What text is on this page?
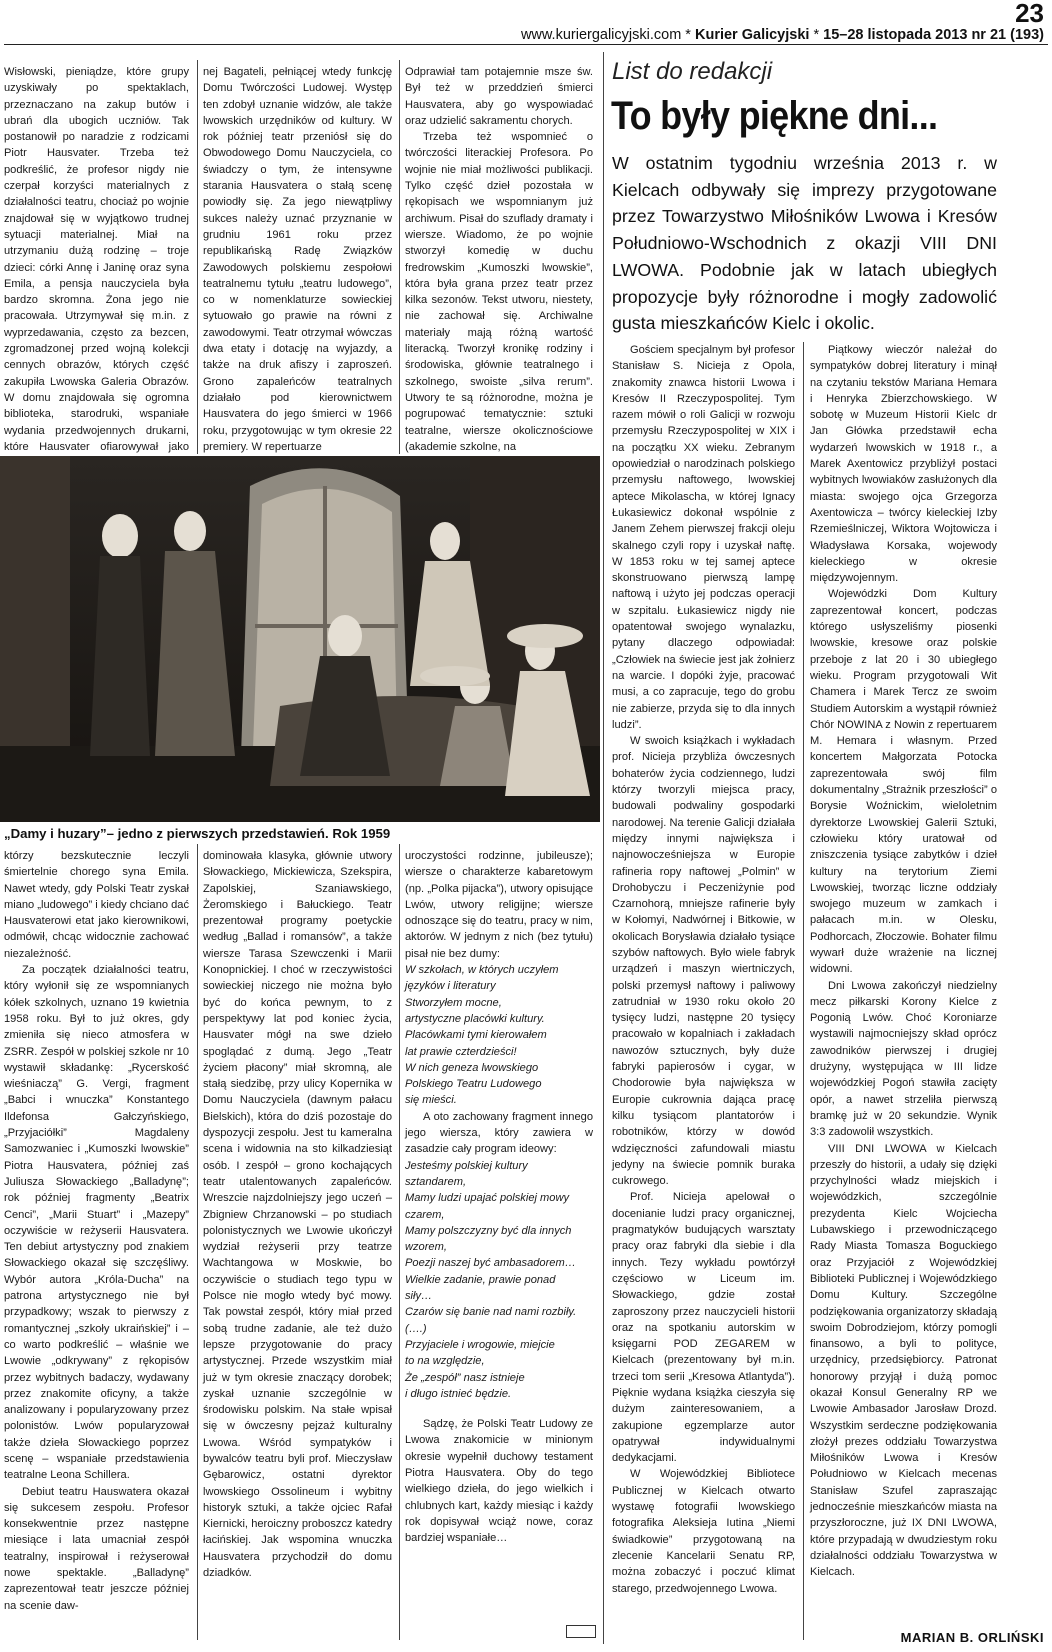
23
www.kuriergalicyjski.com * Kurier Galicyjski * 15–28 listopada 2013 nr 21 (193)

Wisłowski, pieniądze, które grupy uzyskiwały po spektaklach, przeznaczano na zakup butów i ubrań dla ubogich uczniów. Tak postanowił po naradzie z rodzicami Piotr Hausvater. Trzeba też podkreślić, że profesor nigdy nie czerpał korzyści materialnych z działalności teatru, chociaż po wojnie znajdował się w wyjątkowo trudnej sytuacji materialnej. Miał na utrzymaniu dużą rodzinę – troje dzieci: córki Annę i Janinę oraz syna Emila, a pensja nauczyciela była bardzo skromna. Żona jego nie pracowała. Utrzymywał się m.in. z wyprzedawania, często za bezcen, zgromadzonej przed wojną kolekcji cennych obrazów, których część zakupiła Lwowska Galeria Obrazów. W domu znajdowała się ogromna biblioteka, starodruki, wspaniałe wydania przedwojennych drukarni, które Hausvater ofiarowywał jako

nej Bagateli, pełniącej wtedy funkcję Domu Twórczości Ludowej. Występ ten zdobył uznanie widzów, ale także lwowskich urzędników od kultury. W rok później teatr przeniósł się do Obwodowego Domu Nauczyciela, co świadczy o tym, że intensywne starania Hausvatera o stałą scenę powiodły się. Za jego niewątpliwy sukces należy uznać przyznanie w grudniu 1961 roku przez republikańską Radę Związków Zawodowych polskiemu zespołowi teatralnemu tytułu „teatru ludowego”, co w nomenklaturze sowieckiej sytuowało go prawie na równi z zawodowymi. Teatr otrzymał wówczas dwa etaty i dotację na wyjazdy, a także na druk afiszy i zaproszeń. Grono zapaleńców teatralnych działało pod kierownictwem Hausvatera do jego śmierci w 1966 roku, przygotowując w tym okresie 22 premiery. W repertuarze

Odprawiał tam potajemnie msze św. Był też w przeddzień śmierci Hausvatera, aby go wyspowiadać oraz udzielić sakramentu chorych.

Trzeba też wspomnieć o twórczości literackiej Profesora. Po wojnie nie miał możliwości publikacji. Tylko część dzieł pozostała w rękopisach we wspomnianym już archiwum. Pisał do szuflady dramaty i wiersze. Wiadomo, że po wojnie stworzył komedię w duchu fredrowskim „Kumoszki lwowskie”, która była grana przez teatr przez kilka sezonów. Tekst utworu, niestety, nie zachował się. Archiwalne materiały mają różną wartość literacką. Tworzył kronikę rodziny i środowiska, głównie teatralnego i szkolnego, swoiste „silva rerum”. Utwory te są różnorodne, można je pogrupować tematycznie: sztuki teatralne, wiersze okolicznościowe (akademie szkolne, na

„Damy i huzary”– jedno z pierwszych przedstawień. Rok 1959

którzy bezskutecznie leczyli śmiertelnie chorego syna Emila. Nawet wtedy, gdy Polski Teatr zyskał miano „ludowego” i kiedy chciano dać Hausvaterowi etat jako kierownikowi, odmówił, chcąc widocznie zachować niezależność.

Za początek działalności teatru, który wyłonił się ze wspomnianych kółek szkolnych, uznano 19 kwietnia 1958 roku. Był to już okres, gdy zmieniła się nieco atmosfera w ZSRR. Zespół w polskiej szkole nr 10 wystawił składankę: „Rycerskość wieśniaczą” G. Vergi, fragment „Babci i wnuczka” Konstantego Ildefonsa Gałczyńskiego, „Przyjaciółki” Magdaleny Samozwaniec i „Kumoszki lwowskie” Piotra Hausvatera, później zaś Juliusza Słowackiego „Balladynę”; rok później fragmenty „Beatrix Cenci”, „Marii Stuart” i „Mazepy” oczywiście w reżyserii Hausvatera. Ten debiut artystyczny pod znakiem Słowackiego okazał się szczęśliwy. Wybór autora „Króla-Ducha” na patrona artystycznego nie był przypadkowy; wszak to pierwszy z romantycznej „szkoły ukraińskiej” i – co warto podkreślić – właśnie we Lwowie „odkrywany” z rękopisów przez wybitnych badaczy, wydawany przez znakomite oficyny, a także analizowany i popularyzowany przez polonistów. Lwów popularyzował także dzieła Słowackiego poprzez scenę – wspaniałe przedstawienia teatralne Leona Schillera.

Debiut teatru Hauswatera okazał się sukcesem zespołu. Profesor konsekwentnie przez następne miesiące i lata umacniał zespół teatralny, inspirował i reżyserował nowe spektakle. „Balladynę” zaprezentował teatr jeszcze później na scenie daw-

dominowała klasyka, głównie utwory Słowackiego, Mickiewicza, Szekspira, Zapolskiej, Szaniawskiego, Żeromskiego i Bałuckiego. Teatr prezentował programy poetyckie według „Ballad i romansów”, a także wiersze Tarasa Szewczenki i Marii Konopnickiej. I choć w rzeczywistości sowieckiej niczego nie można było być do końca pewnym, to z perspektywy lat pod koniec życia, Hausvater mógł na swe dzieło spoglądać z dumą. Jego „Teatr życiem płacony” miał skromną, ale stałą siedzibę, przy ulicy Kopernika w Domu Nauczyciela (dawnym pałacu Bielskich), która do dziś pozostaje do dyspozycji zespołu. Jest tu kameralna scena i widownia na sto kilkadziesiąt osób. I zespół – grono kochających teatr utalentowanych zapaleńców. Wreszcie najzdolniejszy jego uczeń – Zbigniew Chrzanowski – po studiach polonistycznych we Lwowie ukończył wydział reżyserii przy teatrze Wachtangowa w Moskwie, bo oczywiście o studiach tego typu w Polsce nie mogło wtedy być mowy. Tak powstał zespół, który miał przed sobą trudne zadanie, ale też dużo lepsze przygotowanie do pracy artystycznej. Przede wszystkim miał już w tym okresie znaczący dorobek; zyskał uznanie szczególnie w środowisku polskim. Na stałe wpisał się w ówczesny pejzaż kulturalny Lwowa. Wśród sympatyków i bywalców teatru byli prof. Mieczysław Gębarowicz, ostatni dyrektor lwowskiego Ossolineum i wybitny historyk sztuki, a także ojciec Rafał Kiernicki, heroiczny proboszcz katedry łacińskiej. Jak wspomina wnuczka Hausvatera przychodził do domu dziadków.

uroczystości rodzinne, jubileusze); wiersze o charakterze kabaretowym (np. „Polka pijacka”), utwory opisujące Lwów, utwory religijne; wiersze odnoszące się do teatru, pracy w nim, aktorów. W jednym z nich (bez tytułu) pisał nie bez dumy:

W szkołach, w których uczyłem
języków i literatury
Stworzyłem mocne,
artystyczne placówki kultury.
Placówkami tymi kierowałem
lat prawie czterdzieści!
W nich geneza lwowskiego
Polskiego Teatru Ludowego
się mieści.

A oto zachowany fragment innego jego wiersza, który zawiera w zasadzie cały program ideowy:

Jesteśmy polskiej kultury
sztandarem,
Mamy ludzi upajać polskiej mowy
czarem,
Mamy polszczyzny być dla innych
wzorem,
Poezji naszej być ambasadorem…
Wielkie zadanie, prawie ponad
siły…
Czarów się banie nad nami rozbiły.
(….)
Przyjaciele i wrogowie, miejcie
to na względzie,
Że „zespół” nasz istnieje
i długo istnieć będzie.

Sądzę, że Polski Teatr Ludowy ze Lwowa znakomicie w minionym okresie wypełnił duchowy testament Piotra Hausvatera. Oby do tego wielkiego dzieła, do jego wielkich i chlubnych kart, każdy miesiąc i każdy rok dopisywał wciąż nowe, coraz bardziej wspaniałe…

List do redakcji
To były piękne dni...
W ostatnim tygodniu września 2013 r. w Kielcach odbywały się imprezy przygotowane przez Towarzystwo Miłośników Lwowa i Kresów Południowo-Wschodnich z okazji VIII DNI LWOWA. Podobnie jak w latach ubiegłych propozycje były różnorodne i mogły zadowolić gusta mieszkańców Kielc i okolic.

Gościem specjalnym był profesor Stanisław S. Nicieja z Opola, znakomity znawca historii Lwowa i Kresów II Rzeczypospolitej. Tym razem mówił o roli Galicji w rozwoju przemysłu Rzeczypospolitej w XIX i na początku XX wieku. Zebranym opowiedział o narodzinach polskiego przemysłu naftowego, lwowskiej aptece Mikolascha, w której Ignacy Łukasiewicz dokonał wspólnie z Janem Zehem pierwszej frakcji oleju skalnego czyli ropy i uzyskał naftę. W 1853 roku w tej samej aptece skonstruowano pierwszą lampę naftową i użyto jej podczas operacji w szpitalu. Łukasiewicz nigdy nie opatentował swojego wynalazku, pytany dlaczego odpowiadał: „Człowiek na świecie jest jak żołnierz na warcie. I dopóki żyje, pracować musi, a co zapracuje, tego do grobu nie zabierze, przyda się to dla innych ludzi”.

W swoich książkach i wykładach prof. Nicieja przybliża ówczesnych bohaterów życia codziennego, ludzi którzy tworzyli miejsca pracy, budowali podwaliny gospodarki narodowej. Na terenie Galicji działała między innymi największa i najnowocześniejsza w Europie rafineria ropy naftowej „Polmin” w Drohobyczu i Peczeniżynie pod Czarnohorą, mniejsze rafinerie były w Kołomyi, Nadwórnej i Bitkowie, w okolicach Borysławia działało tysiące szybów naftowych. Było wiele fabryk urządzeń i maszyn wiertniczych, polski przemysł naftowy i paliwowy zatrudniał w 1930 roku około 20 tysięcy ludzi, następne 20 tysięcy pracowało w kopalniach i zakładach nawozów sztucznych, były duże fabryki papierosów i cygar, w Chodorowie była największa w Europie cukrownia dająca pracę kilku tysiącom plantatorów i robotników, którzy w dowód wdzięczności zafundowali miastu jedyny na świecie pomnik buraka cukrowego.

Prof. Nicieja apelował o docenianie ludzi pracy organicznej, pragmatyków budujących warsztaty pracy oraz fabryki dla siebie i dla innych. Tezy wykładu powtórzył częściowo w Liceum im. Słowackiego, gdzie został zaproszony przez nauczycieli historii oraz na spotkaniu autorskim w księgarni POD ZEGAREM w Kielcach (prezentowany był m.in. trzeci tom serii „Kresowa Atlantyda”). Pięknie wydana książka cieszyła się dużym zainteresowaniem, a zakupione egzemplarze autor opatrywał indywidualnymi dedykacjami.

W Wojewódzkiej Bibliotece Publicznej w Kielcach otwarto wystawę fotografii lwowskiego fotografika Aleksieja Iutina „Niemi świadkowie” przygotowaną na zlecenie Kancelarii Senatu RP, można zobaczyć i poczuć klimat starego, przedwojennego Lwowa.

Piątkowy wieczór należał do sympatyków dobrej literatury i minął na czytaniu tekstów Mariana Hemara i Henryka Zbierzchowskiego. W sobotę w Muzeum Historii Kielc dr Jan Główka przedstawił echa wydarzeń lwowskich w 1918 r., a Marek Axentowicz przybliżył postaci wybitnych lwowiaków zasłużonych dla miasta: swojego ojca Grzegorza Axentowicza – twórcy kieleckiej Izby Rzemieślniczej, Wiktora Wojtowicza i Władysława Korsaka, wojewody kieleckiego w okresie międzywojennym.

Wojewódzki Dom Kultury zaprezentował koncert, podczas którego usłyszeliśmy piosenki lwowskie, kresowe oraz polskie przeboje z lat 20 i 30 ubiegłego wieku. Program przygotowali Wit Chamera i Marek Tercz ze swoim Studiem Autorskim a wystąpił również Chór NOWINA z Nowin z repertuarem M. Hemara i własnym. Przed koncertem Małgorzata Potocka zaprezentowała swój film dokumentalny „Strażnik przeszłości” o Borysie Woźnickim, wieloletnim dyrektorze Lwowskiej Galerii Sztuki, człowieku który uratował od zniszczenia tysiące zabytków i dzieł kultury na terytorium Ziemi Lwowskiej, tworząc liczne oddziały swojego muzeum w zamkach i pałacach m.in. w Olesku, Podhorcach, Złoczowie. Bohater filmu wywarł duże wrażenie na licznej widowni.

Dni Lwowa zakończył niedzielny mecz piłkarski Korony Kielce z Pogonią Lwów. Choć Koroniarze wystawili najmocniejszy skład oprócz zawodników pierwszej i drugiej drużyny, występująca w III lidze wojewódzkiej Pogoń stawiła zacięty opór, a nawet strzeliła pierwszą bramkę już w 20 sekundzie. Wynik 3:3 zadowolił wszystkich.

VIII DNI LWOWA w Kielcach przeszły do historii, a udały się dzięki przychylności władz miejskich i wojewódzkich, szczególnie prezydenta Kielc Wojciecha Lubawskiego i przewodniczącego Rady Miasta Tomasza Boguckiego oraz Przyjaciół z Wojewódzkiej Biblioteki Publicznej i Wojewódzkiego Domu Kultury. Szczególne podziękowania organizatorzy składają swoim Dobrodziejom, którzy pomogli finansowo, a byli to polityce, urzędnicy, przedsiębiorcy. Patronat honorowy przyjął i dużą pomoc okazał Konsul Generalny RP we Lwowie Ambasador Jarosław Drozd. Wszystkim serdeczne podziękowania złożył prezes oddziału Towarzystwa Miłośników Lwowa i Kresów Południowo w Kielcach mecenas Stanisław Szufel zapraszając jednocześnie mieszkańców miasta na przyszłoroczne, już IX DNI LWOWA, które przypadają w dwudziestym roku działalności oddziału Towarzystwa w Kielcach.

MARIAN B. ORLIŃSKI
